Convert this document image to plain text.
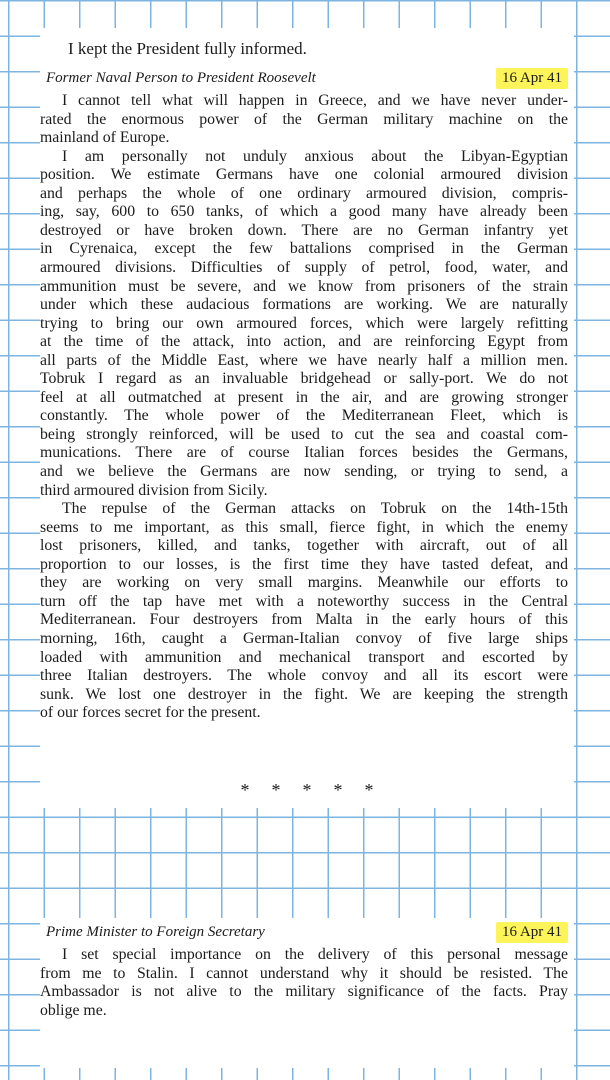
I kept the President fully informed.
Former Naval Person to President Roosevelt	16 Apr 41
I cannot tell what will happen in Greece, and we have never under-
rated the enormous power of the German military machine on the
mainland of Europe.
I am personally not unduly anxious about the Libyan-Egyptian
position. We estimate Germans have one colonial armoured division
and perhaps the whole of one ordinary armoured division, compris-
ing, say, 600 to 650 tanks, of which a good many have already been
destroyed or have broken down. There are no German infantry yet
in Cyrenaica, except the few battalions comprised in the German
armoured divisions. Difficulties of supply of petrol, food, water, and
ammunition must be severe, and we know from prisoners of the strain
under which these audacious formations are working. We are naturally
trying to bring our own armoured forces, which were largely refitting
at the time of the attack, into action, and are reinforcing Egypt from
all parts of the Middle East, where we have nearly half a million men.
Tobruk I regard as an invaluable bridgehead or sally-port. We do not
feel at all outmatched at present in the air, and are growing stronger
constantly. The whole power of the Mediterranean Fleet, which is
being strongly reinforced, will be used to cut the sea and coastal com-
munications. There are of course Italian forces besides the Germans,
and we believe the Germans are now sending, or trying to send, a
third armoured division from Sicily.
The repulse of the German attacks on Tobruk on the 14th-15th
seems to me important, as this small, fierce fight, in which the enemy
lost prisoners, killed, and tanks, together with aircraft, out of all
proportion to our losses, is the first time they have tasted defeat, and
they are working on very small margins. Meanwhile our efforts to
turn off the tap have met with a noteworthy success in the Central
Mediterranean. Four destroyers from Malta in the early hours of this
morning, 16th, caught a German-Italian convoy of five large ships
loaded with ammunition and mechanical transport and escorted by
three Italian destroyers. The whole convoy and all its escort were
sunk. We lost one destroyer in the fight. We are keeping the strength
of our forces secret for the present.
* * * * *
Prime Minister to Foreign Secretary	16 Apr 41
I set special importance on the delivery of this personal message
from me to Stalin. I cannot understand why it should be resisted. The
Ambassador is not alive to the military significance of the facts. Pray
oblige me.
